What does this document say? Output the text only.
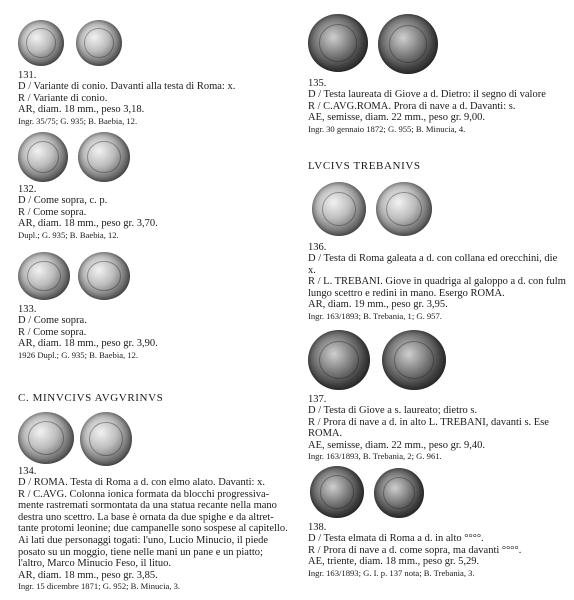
131.
D / Variante di conio. Davanti alla testa di Roma: x.
R / Variante di conio.
AR, diam. 18 mm., peso 3,18.
Ingr. 35/75; G. 935; B. Baebia, 12.
132.
D / Come sopra, c. p.
R / Come sopra.
AR, diam. 18 mm., peso gr. 3,70.
Dupl.; G. 935; B. Baebia, 12.
133.
D / Come sopra.
R / Come sopra.
AR, diam. 18 mm., peso gr. 3,90.
1926 Dupl.; G. 935; B. Baebia, 12.
C. MINVCIVS AVGVRINVS
134.
D / ROMA. Testa di Roma a d. con elmo alato. Davanti: x.
R / C.AVG. Colonna ionica formata da blocchi progressiva-
mente rastremati sormontata da una statua recante nella mano
destra uno scettro. La base è ornata da due spighe e da altret-
tante protomi leonine; due campanelle sono sospese al capitello.
Ai lati due personaggi togati: l'uno, Lucio Minucio, il piede
posato su un moggio, tiene nelle mani un pane e un piatto;
l'altro, Marco Minucio Feso, il lituo.
AR, diam. 18 mm., peso gr. 3,85.
Ingr. 15 dicembre 1871; G. 952; B. Minucia, 3.
135.
D / Testa laureata di Giove a d. Dietro: il segno di valore
R / C.AVG.ROMA. Prora di nave a d. Davanti: s.
AE, semisse, diam. 22 mm., peso gr. 9,00.
Ingr. 30 gennaio 1872; G. 955; B. Minucia, 4.
LVCIVS TREBANIVS
136.
D / Testa di Roma galeata a d. con collana ed orecchini, die
x.
R / L. TREBANI. Giove in quadriga al galoppo a d. con fulm
lungo scettro e redini in mano. Esergo ROMA.
AR, diam. 19 mm., peso gr. 3,95.
Ingr. 163/1893; B. Trebania, 1; G. 957.
137.
D / Testa di Giove a s. laureato; dietro s.
R / Prora di nave a d. in alto L. TREBANI, davanti s. Ese
ROMA.
AE, semisse, diam. 22 mm., peso gr. 9,40.
Ingr. 163/1893, B. Trebania, 2; G. 961.
138.
D / Testa elmata di Roma a d. in alto °°°°.
R / Prora di nave a d. come sopra, ma davanti °°°°.
AE, triente, diam. 18 mm., peso gr. 5,29.
Ingr. 163/1893; G. I. p. 137 nota; B. Trebania, 3.
